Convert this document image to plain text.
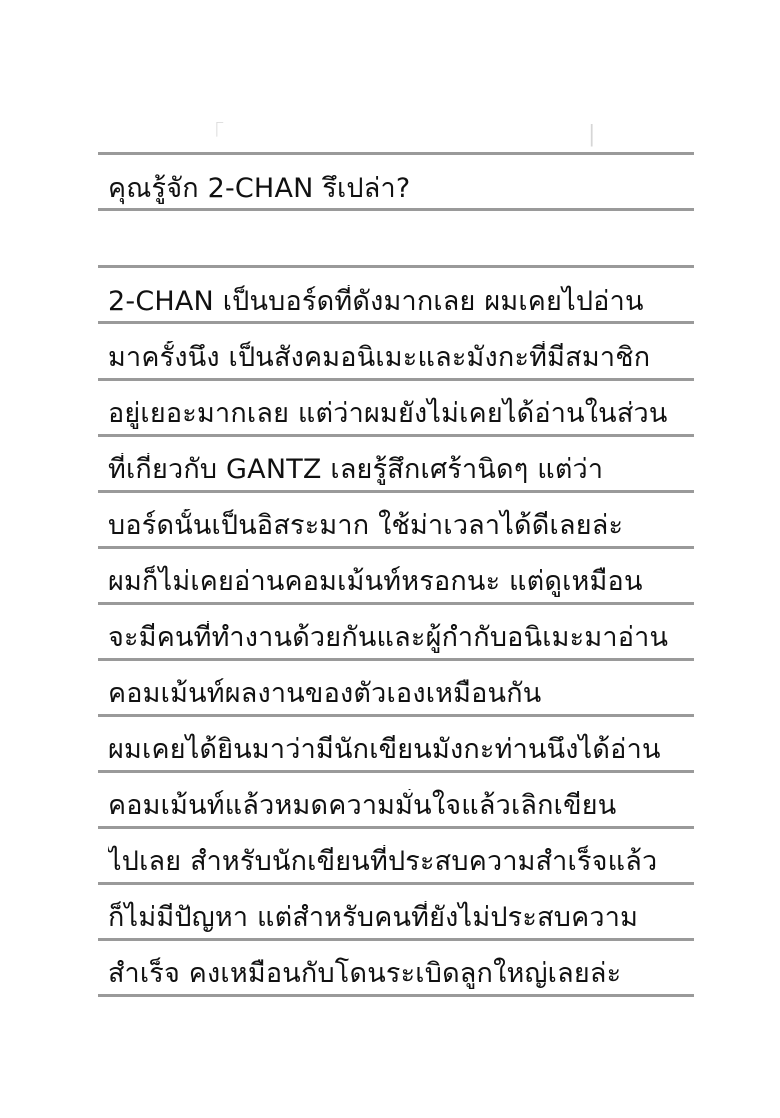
「	|
คุณรู้จัก 2-CHAN รึเปล่า?
2-CHAN เป็นบอร์ดที่ดังมากเลย ผมเคยไปอ่าน
มาครั้งนึง เป็นสังคมอนิเมะและมังกะที่มีสมาชิก
อยู่เยอะมากเลย แต่ว่าผมยังไม่เคยได้อ่านในส่วน
ที่เกี่ยวกับ GANTZ เลยรู้สึกเศร้านิดๆ แต่ว่า
บอร์ดนั้นเป็นอิสระมาก ใช้ม่าเวลาได้ดีเลยล่ะ
ผมก็ไม่เคยอ่านคอมเม้นท์หรอกนะ แต่ดูเหมือน
จะมีคนที่ทำงานด้วยกันและผู้กำกับอนิเมะมาอ่าน
คอมเม้นท์ผลงานของตัวเองเหมือนกัน
ผมเคยได้ยินมาว่ามีนักเขียนมังกะท่านนึงได้อ่าน
คอมเม้นท์แล้วหมดความมั่นใจแล้วเลิกเขียน
ไปเลย สำหรับนักเขียนที่ประสบความสำเร็จแล้ว
ก็ไม่มีปัญหา แต่สำหรับคนที่ยังไม่ประสบความ
สำเร็จ คงเหมือนกับโดนระเบิดลูกใหญ่เลยล่ะ
